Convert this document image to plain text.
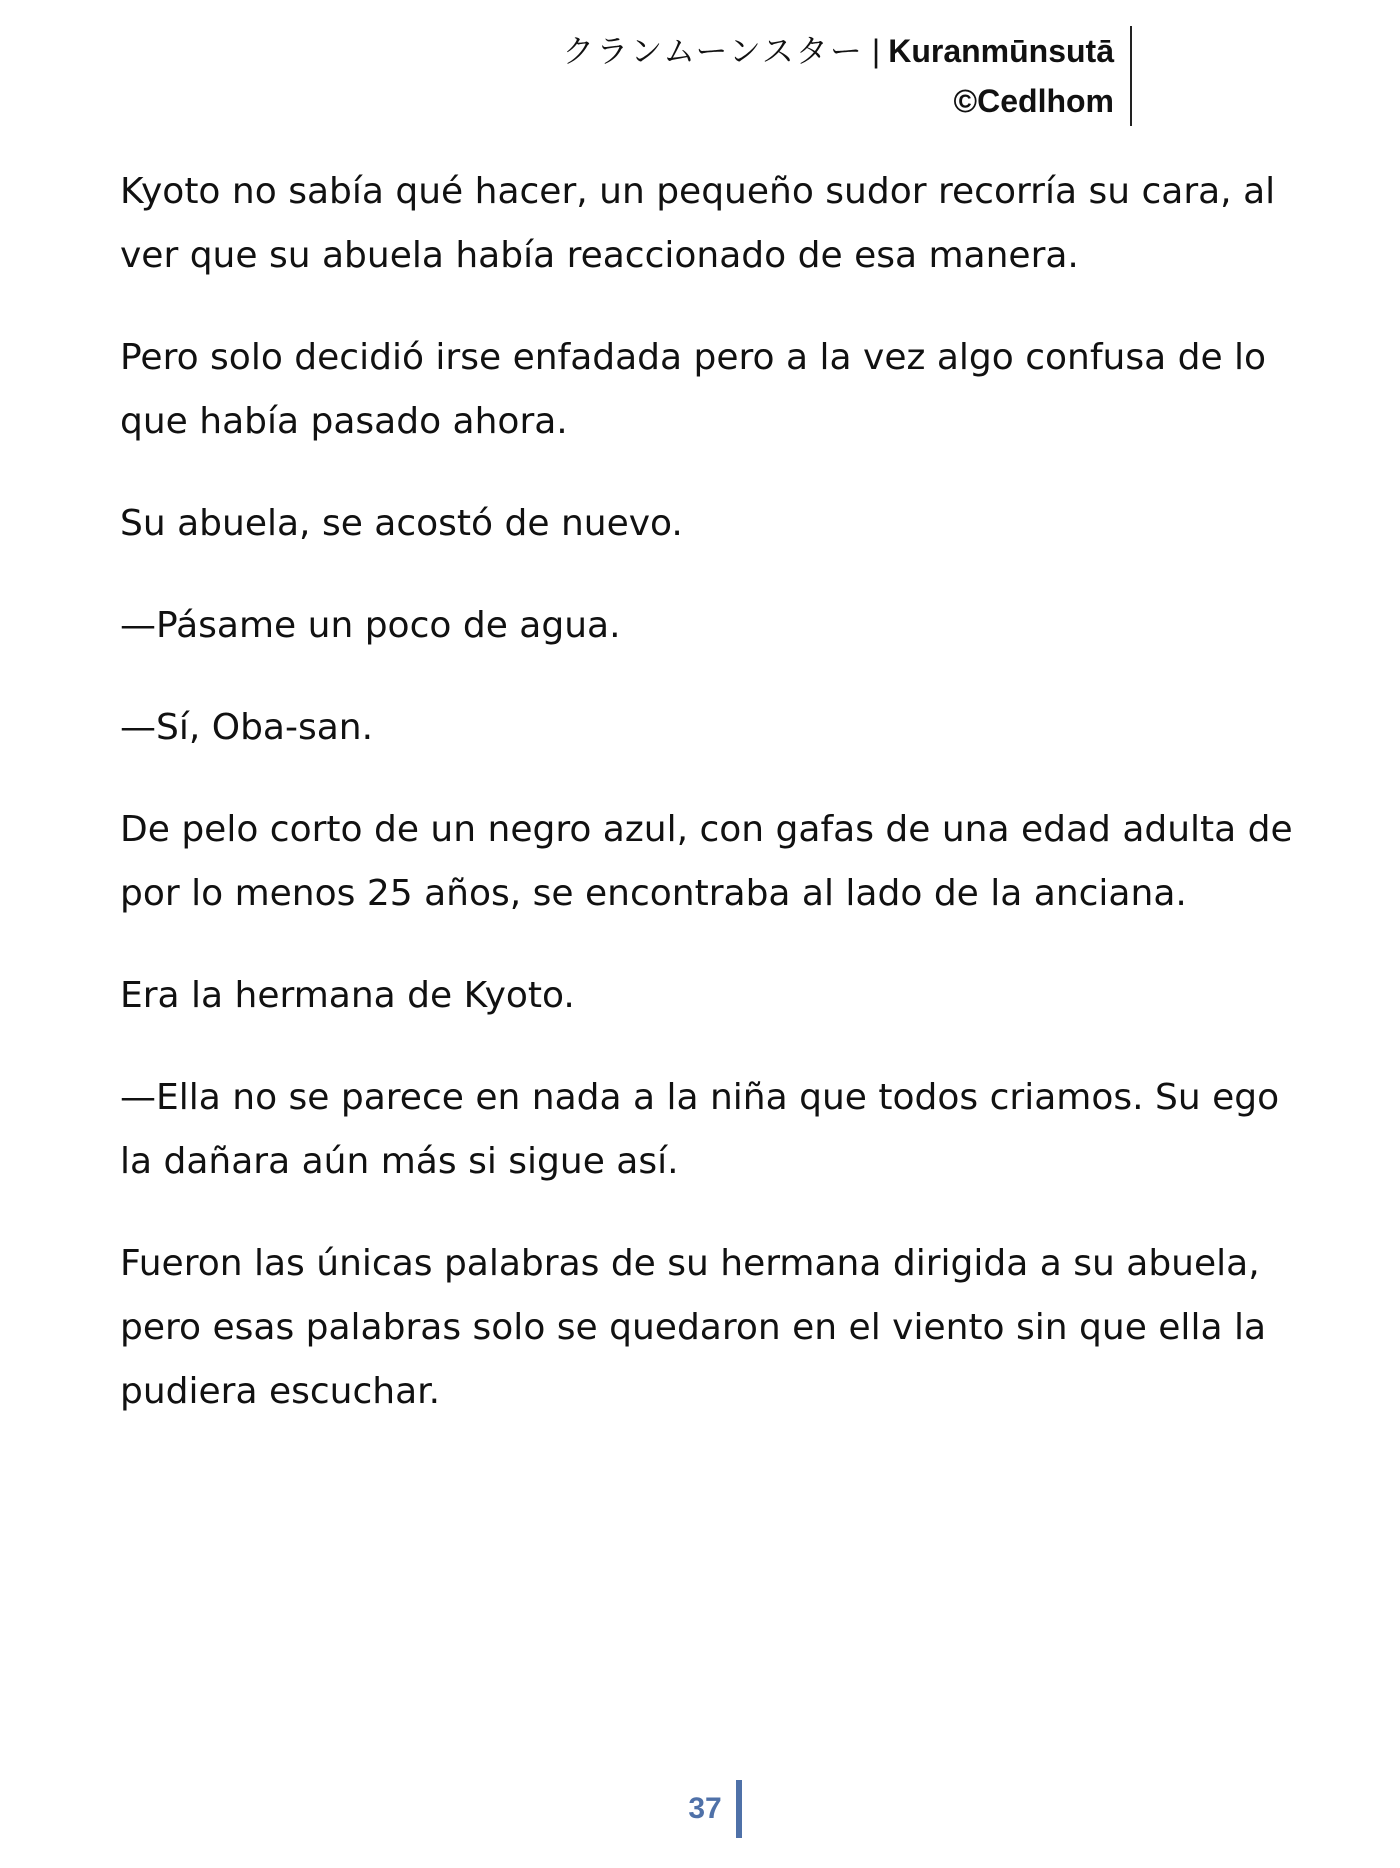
クランムーンスター | Kuranmūnsutā
©Cedlhom

Kyoto no sabía qué hacer, un pequeño sudor recorría su cara, al ver que su abuela había reaccionado de esa manera.

Pero solo decidió irse enfadada pero a la vez algo confusa de lo que había pasado ahora.

Su abuela, se acostó de nuevo.

—Pásame un poco de agua.

—Sí, Oba-san.

De pelo corto de un negro azul, con gafas de una edad adulta de por lo menos 25 años, se encontraba al lado de la anciana.

Era la hermana de Kyoto.

—Ella no se parece en nada a la niña que todos criamos. Su ego la dañara aún más si sigue así.

Fueron las únicas palabras de su hermana dirigida a su abuela, pero esas palabras solo se quedaron en el viento sin que ella la pudiera escuchar.

37
